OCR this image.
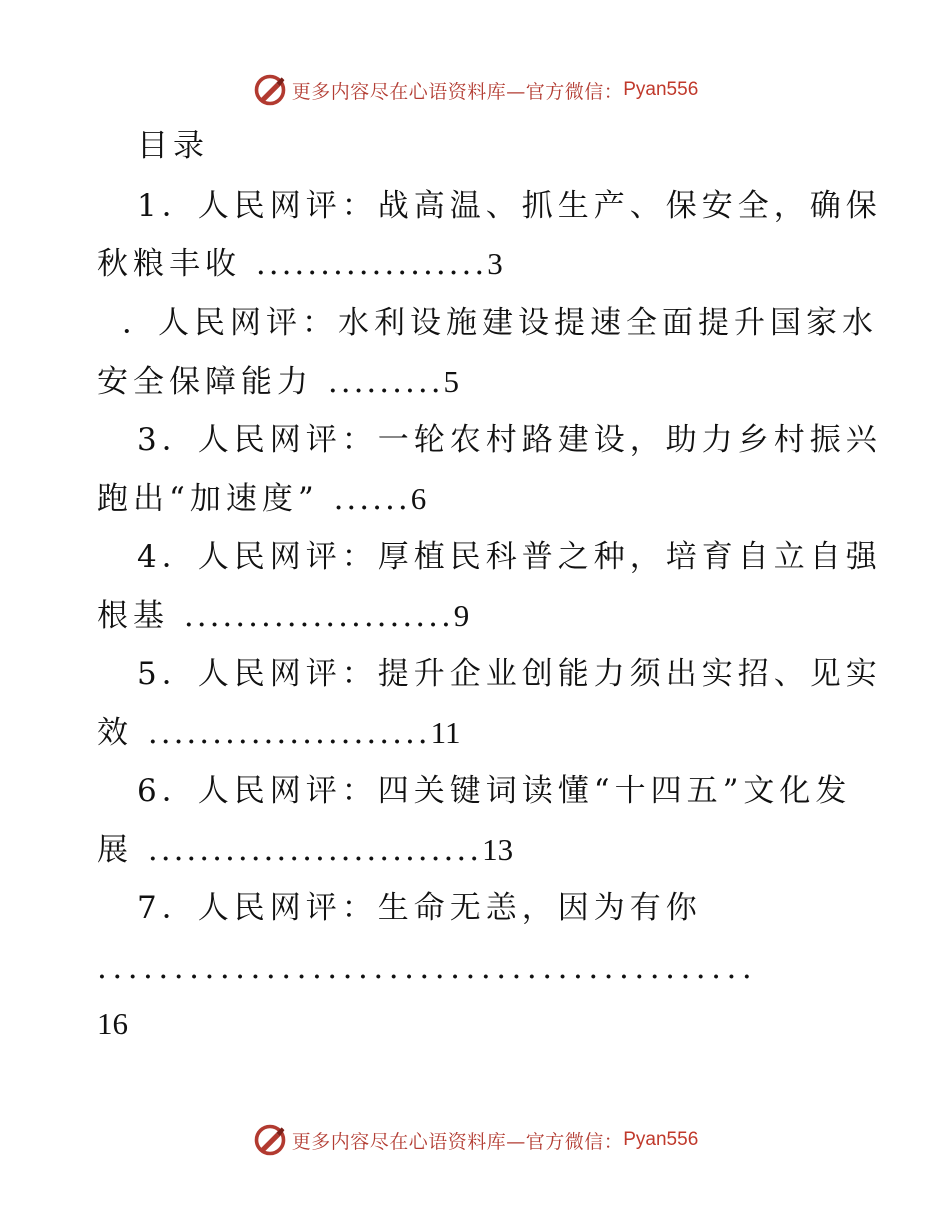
更多内容尽在心语资料库—官方微信： Pyan556
目录
1．人民网评：战高温、抓生产、保安全，确保
秋粮丰收 ..................3
．人民网评：水利设施建设提速全面提升国家水
安全保障能力 .........5
3．人民网评：一轮农村路建设，助力乡村振兴
跑出“加速度” ......6
4．人民网评：厚植民科普之种，培育自立自强
根基 .....................9
5．人民网评：提升企业创能力须出实招、见实
效 ......................11
6．人民网评：四关键词读懂“十四五”文化发
展 ..........................13
7．人民网评：生命无恙，因为有你
...........................................
16
更多内容尽在心语资料库—官方微信： Pyan556
